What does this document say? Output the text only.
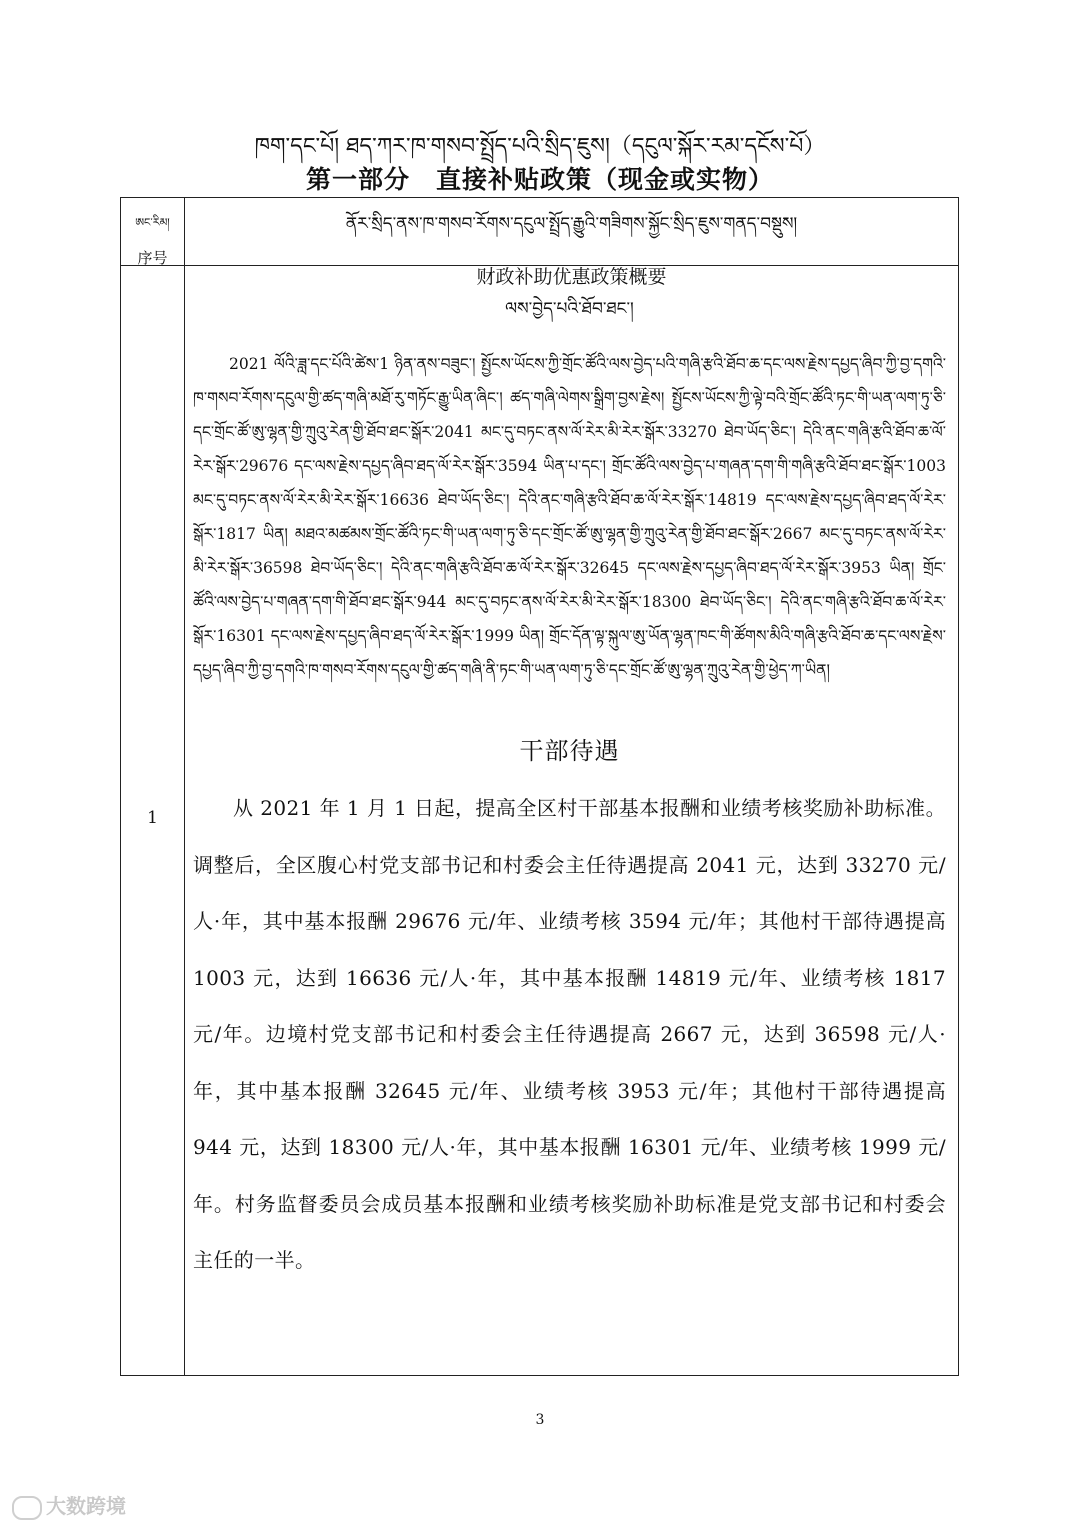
ཁག་དང་པོ། ཐད་ཀར་ཁ་གསབ་སྤྲོད་པའི་སྲིད་ཇུས།（དངུལ་སྐོར་རམ་དངོས་པོ）
第一部分　直接补贴政策（现金或实物）
ཨང་རིམ།
序号
ནོར་སྲིད་ནས་ཁ་གསབ་རོགས་དངུལ་སྤྲོད་རྒྱུའི་གཟིགས་སྐྱོང་སྲིད་ཇུས་གནད་བསྡུས།
财政补助优惠政策概要
1
ལས་བྱེད་པའི་ཐོབ་ཐང་།
2021 ལོའི་ཟླ་དང་པོའི་ཚེས་1 ཉིན་ནས་བཟུང་། སྤྱོངས་ཡོངས་ཀྱི་གྲོང་ཚོའི་ལས་བྱེད་པའི་གཞི་རྩའི་ཐོབ་ཆ་དང་ལས་རྗེས་དཔྱད་ཞིབ་ཀྱི་བྱ་དགའི་ཁ་གསབ་རོགས་དངུལ་གྱི་ཚད་གཞི་མཐོ་རུ་གཏོང་རྒྱུ་ཡིན་ཞིང་། ཚད་གཞི་ལེགས་སྒྲིག་བྱས་རྗེས། སྤྱོངས་ཡོངས་ཀྱི་ལྟེ་བའི་གྲོང་ཚོའི་ཏང་གི་ཡན་ལག་ཏུ་ཅི་དང་གྲོང་ཚོ་ཨུ་ལྷན་གྱི་ཀྲུའུ་རེན་གྱི་ཐོབ་ཐང་སྒོར་2041 མང་དུ་བཏང་ནས་ལོ་རེར་མི་རེར་སྒོར་33270 ཐེབ་ཡོད་ཅིང་། དེའི་ནང་གཞི་རྩའི་ཐོབ་ཆ་ལོ་རེར་སྒོར་29676 དང་ལས་རྗེས་དཔྱད་ཞིབ་ཐད་ལོ་རེར་སྒོར་3594 ཡིན་པ་དང་། གྲོང་ཚོའི་ལས་བྱེད་པ་གཞན་དག་གི་གཞི་རྩའི་ཐོབ་ཐང་སྒོར་1003 མང་དུ་བཏང་ནས་ལོ་རེར་མི་རེར་སྒོར་16636 ཐེབ་ཡོད་ཅིང་། དེའི་ནང་གཞི་རྩའི་ཐོབ་ཆ་ལོ་རེར་སྒོར་14819 དང་ལས་རྗེས་དཔྱད་ཞིབ་ཐད་ལོ་རེར་སྒོར་1817 ཡིན། མཐའ་མཚམས་གྲོང་ཚོའི་ཏང་གི་ཡན་ལག་ཏུ་ཅི་དང་གྲོང་ཚོ་ཨུ་ལྷན་གྱི་ཀྲུའུ་རེན་གྱི་ཐོབ་ཐང་སྒོར་2667 མང་དུ་བཏང་ནས་ལོ་རེར་མི་རེར་སྒོར་36598 ཐེབ་ཡོད་ཅིང་། དེའི་ནང་གཞི་རྩའི་ཐོབ་ཆ་ལོ་རེར་སྒོར་32645 དང་ལས་རྗེས་དཔྱད་ཞིབ་ཐད་ལོ་རེར་སྒོར་3953 ཡིན། གྲོང་ཚོའི་ལས་བྱེད་པ་གཞན་དག་གི་ཐོབ་ཐང་སྒོར་944 མང་དུ་བཏང་ནས་ལོ་རེར་མི་རེར་སྒོར་18300 ཐེབ་ཡོད་ཅིང་། དེའི་ནང་གཞི་རྩའི་ཐོབ་ཆ་ལོ་རེར་སྒོར་16301 དང་ལས་རྗེས་དཔྱད་ཞིབ་ཐད་ལོ་རེར་སྒོར་1999 ཡིན། གྲོང་དོན་ལྟ་སྐུལ་ཨུ་ཡོན་ལྷན་ཁང་གི་ཚོགས་མིའི་གཞི་རྩའི་ཐོབ་ཆ་དང་ལས་རྗེས་དཔྱད་ཞིབ་ཀྱི་བྱ་དགའི་ཁ་གསབ་རོགས་དངུལ་གྱི་ཚད་གཞི་ནི་ཏང་གི་ཡན་ལག་ཏུ་ཅི་དང་གྲོང་ཚོ་ཨུ་ལྷན་ཀྲུའུ་རེན་གྱི་ཕྱེད་ཀ་ཡིན།
干部待遇
从 2021 年 1 月 1 日起，提高全区村干部基本报酬和业绩考核奖励补助标准。调整后，全区腹心村党支部书记和村委会主任待遇提高 2041 元，达到 33270 元/人·年，其中基本报酬 29676 元/年、业绩考核 3594 元/年；其他村干部待遇提高 1003 元，达到 16636 元/人·年，其中基本报酬 14819 元/年、业绩考核 1817 元/年。边境村党支部书记和村委会主任待遇提高 2667 元，达到 36598 元/人·年，其中基本报酬 32645 元/年、业绩考核 3953 元/年；其他村干部待遇提高 944 元，达到 18300 元/人·年，其中基本报酬 16301 元/年、业绩考核 1999 元/年。村务监督委员会成员基本报酬和业绩考核奖励补助标准是党支部书记和村委会主任的一半。
3
大数跨境
